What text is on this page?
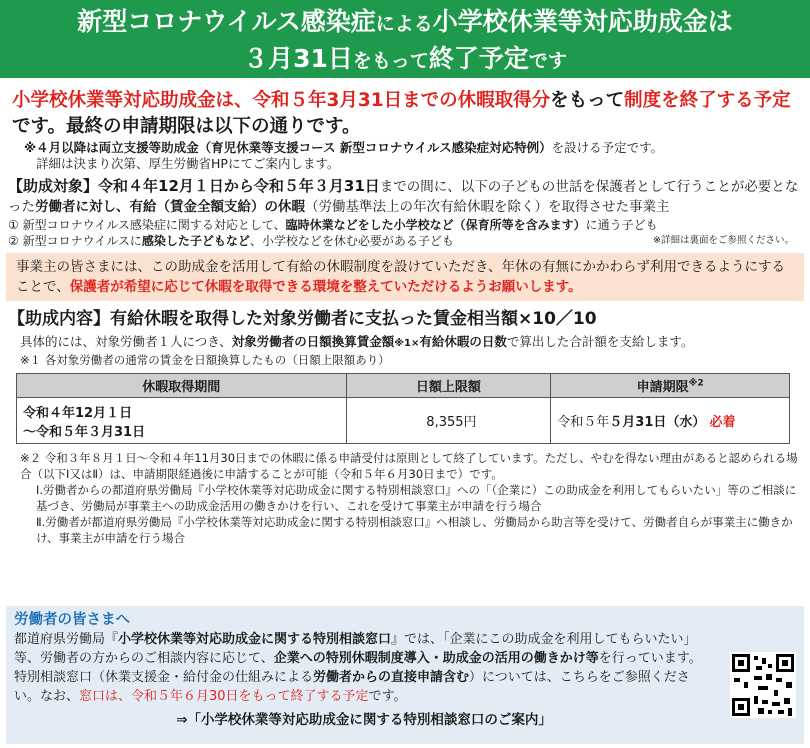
新型コロナウイルス感染症による小学校休業等対応助成金は
３月31日をもって終了予定です
小学校休業等対応助成金は、令和５年3月31日までの休暇取得分をもって制度を終了する予定です。最終の申請期限は以下の通りです。
※４月以降は両立支援等助成金（育児休業等支援コース 新型コロナウイルス感染症対応特例）を設ける予定です。
詳細は決まり次第、厚生労働省HPにてご案内します。
【助成対象】令和４年12月１日から令和５年３月31日までの間に、以下の子どもの世話を保護者として行うことが必要となった労働者に対し、有給（賃金全額支給）の休暇（労働基準法上の年次有給休暇を除く）を取得させた事業主
① 新型コロナウイルス感染症に関する対応として、臨時休業などをした小学校など（保育所等を含みます）に通う子ども
② 新型コロナウイルスに感染した子どもなど、小学校などを休む必要がある子ども	※詳細は裏面をご参照ください。
事業主の皆さまには、この助成金を活用して有給の休暇制度を設けていただき、年休の有無にかかわらず利用できるようにすることで、保護者が希望に応じて休暇を取得できる環境を整えていただけるようお願いします。
【助成内容】有給休暇を取得した対象労働者に支払った賃金相当額×10／10
具体的には、対象労働者１人につき、対象労働者の日額換算賃金額※1×有給休暇の日数で算出した合計額を支給します。
※１ 各対象労働者の通常の賃金を日額換算したもの（日額上限額あり）
休暇取得期間	日額上限額	申請期限$^{※2}$

令和４年12月１日
～令和５年３月31日	8,355円	令和５年５月31日（水） 必着
※２ 令和３年８月１日～令和４年11月30日までの休暇に係る申請受付は原則として終了しています。ただし、やむを得ない理由があると認められる場合（以下Ⅰ又はⅡ）は、申請期限経過後に申請することが可能（令和５年６月30日まで）です。
Ⅰ.労働者からの都道府県労働局『小学校休業等対応助成金に関する特別相談窓口』への「（企業に）この助成金を利用してもらいたい」等のご相談に基づき、労働局が事業主への助成金活用の働きかけを行い、これを受けて事業主が申請を行う場合
Ⅱ.労働者が都道府県労働局『小学校休業等対応助成金に関する特別相談窓口』へ相談し、労働局から助言等を受けて、労働者自らが事業主に働きかけ、事業主が申請を行う場合
労働者の皆さまへ
都道府県労働局『小学校休業等対応助成金に関する特別相談窓口』では、「企業にこの助成金を利用してもらいたい」等、労働者の方からのご相談内容に応じて、企業への特別休暇制度導入・助成金の活用の働きかけ等を行っています。特別相談窓口（休業支援金・給付金の仕組みによる労働者からの直接申請含む）については、こちらをご参照ください。なお、窓口は、令和５年６月30日をもって終了する予定です。
⇒「小学校休業等対応助成金に関する特別相談窓口のご案内」
